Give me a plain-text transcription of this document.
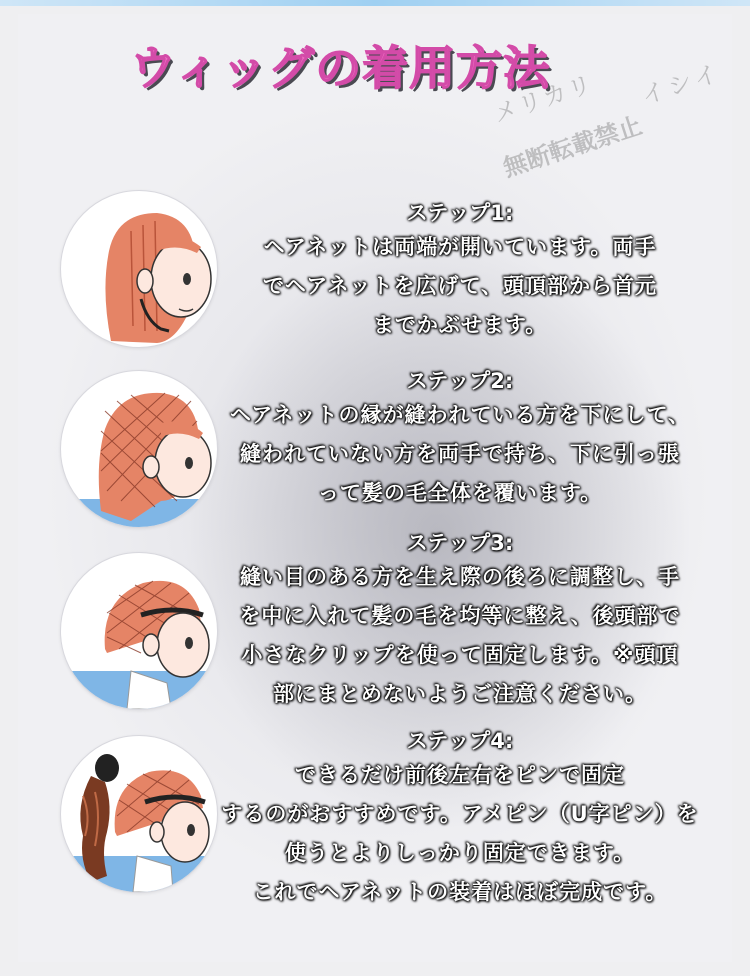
ウィッグの着用方法
メリカリ
無断転載禁止
イシイ
ステップ1:
ヘアネットは両端が開いています。両手
でヘアネットを広げて、頭頂部から首元
までかぶせます。
ステップ2:
ヘアネットの縁が縫われている方を下にして、
縫われていない方を両手で持ち、下に引っ張
って髪の毛全体を覆います。
ステップ3:
縫い目のある方を生え際の後ろに調整し、手
を中に入れて髪の毛を均等に整え、後頭部で
小さなクリップを使って固定します。※頭頂
部にまとめないようご注意ください。
ステップ4:
できるだけ前後左右をピンで固定
するのがおすすめです。アメピン（U字ピン）を
使うとよりしっかり固定できます。
これでヘアネットの装着はほぼ完成です。
